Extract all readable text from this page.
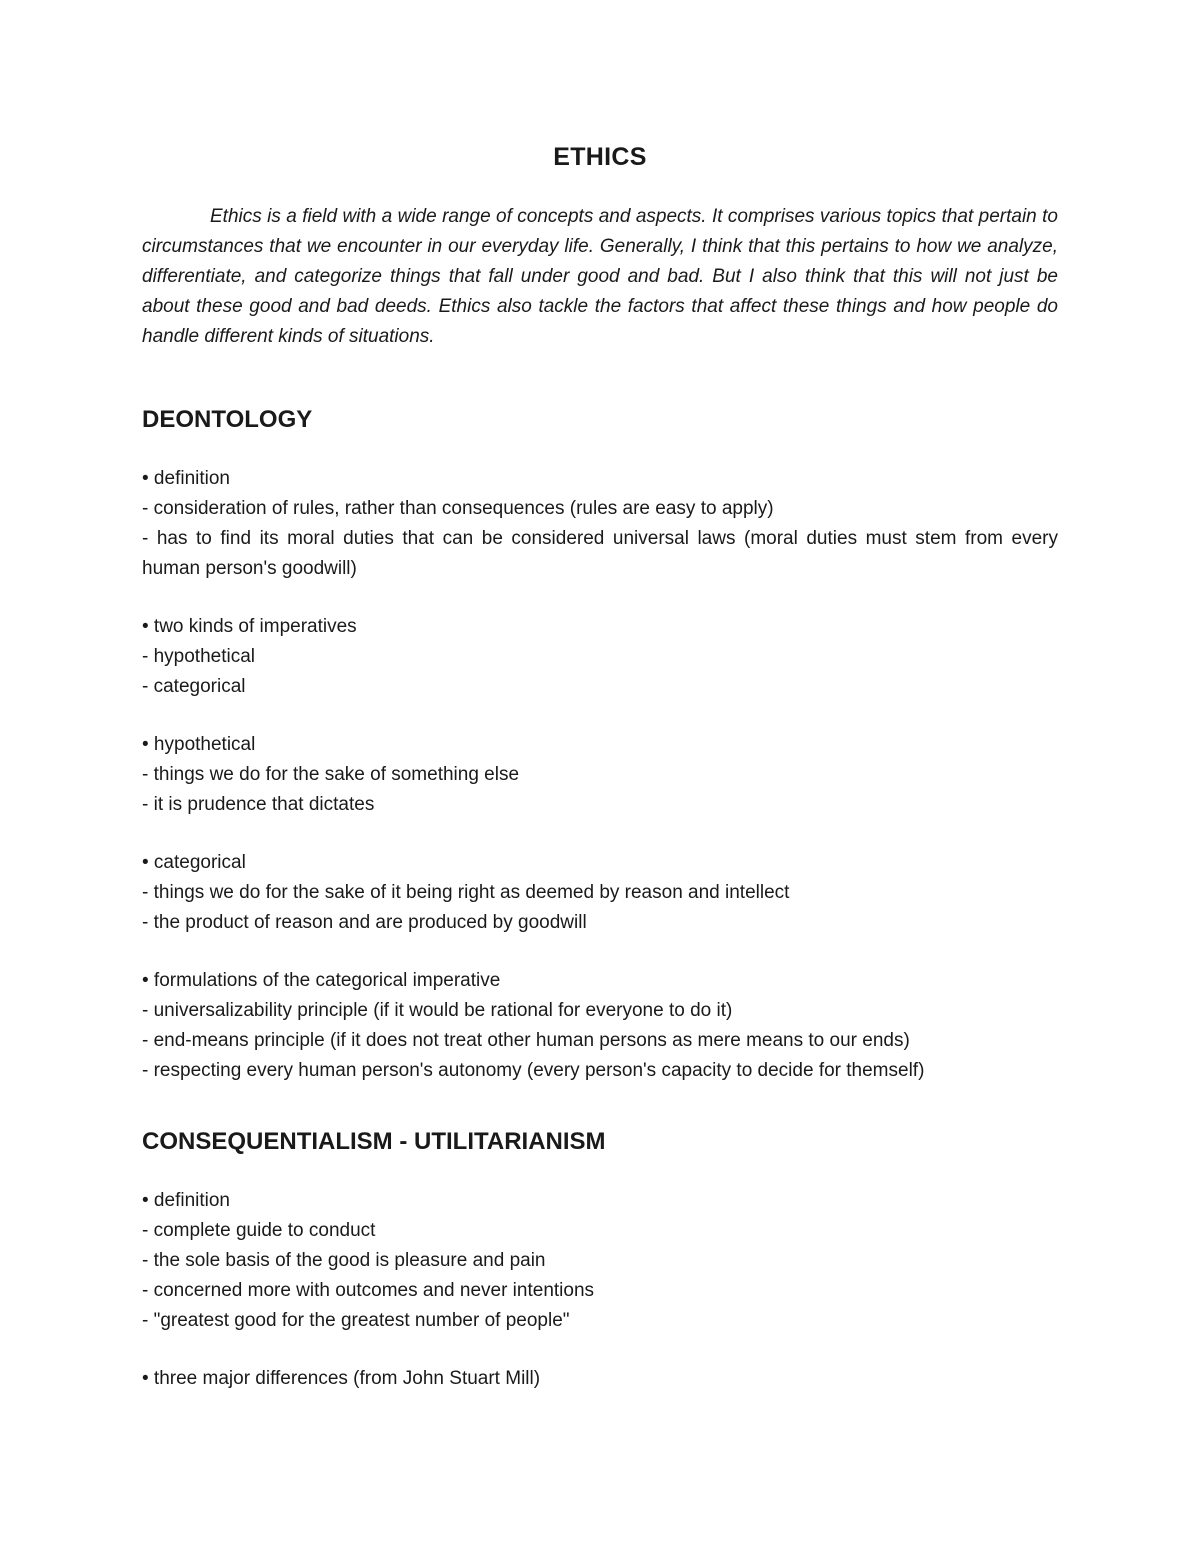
ETHICS

Ethics is a field with a wide range of concepts and aspects. It comprises various topics that pertain to circumstances that we encounter in our everyday life. Generally, I think that this pertains to how we analyze, differentiate, and categorize things that fall under good and bad. But I also think that this will not just be about these good and bad deeds. Ethics also tackle the factors that affect these things and how people do handle different kinds of situations.

DEONTOLOGY
• definition
- consideration of rules, rather than consequences (rules are easy to apply)
- has to find its moral duties that can be considered universal laws (moral duties must stem from every human person's goodwill)
• two kinds of imperatives
- hypothetical
- categorical
• hypothetical
- things we do for the sake of something else
- it is prudence that dictates
• categorical
- things we do for the sake of it being right as deemed by reason and intellect
- the product of reason and are produced by goodwill
• formulations of the categorical imperative
- universalizability principle (if it would be rational for everyone to do it)
- end-means principle (if it does not treat other human persons as mere means to our ends)
- respecting every human person's autonomy (every person's capacity to decide for themself)
CONSEQUENTIALISM - UTILITARIANISM
• definition
- complete guide to conduct
- the sole basis of the good is pleasure and pain
- concerned more with outcomes and never intentions
- "greatest good for the greatest number of people"
• three major differences (from John Stuart Mill)
